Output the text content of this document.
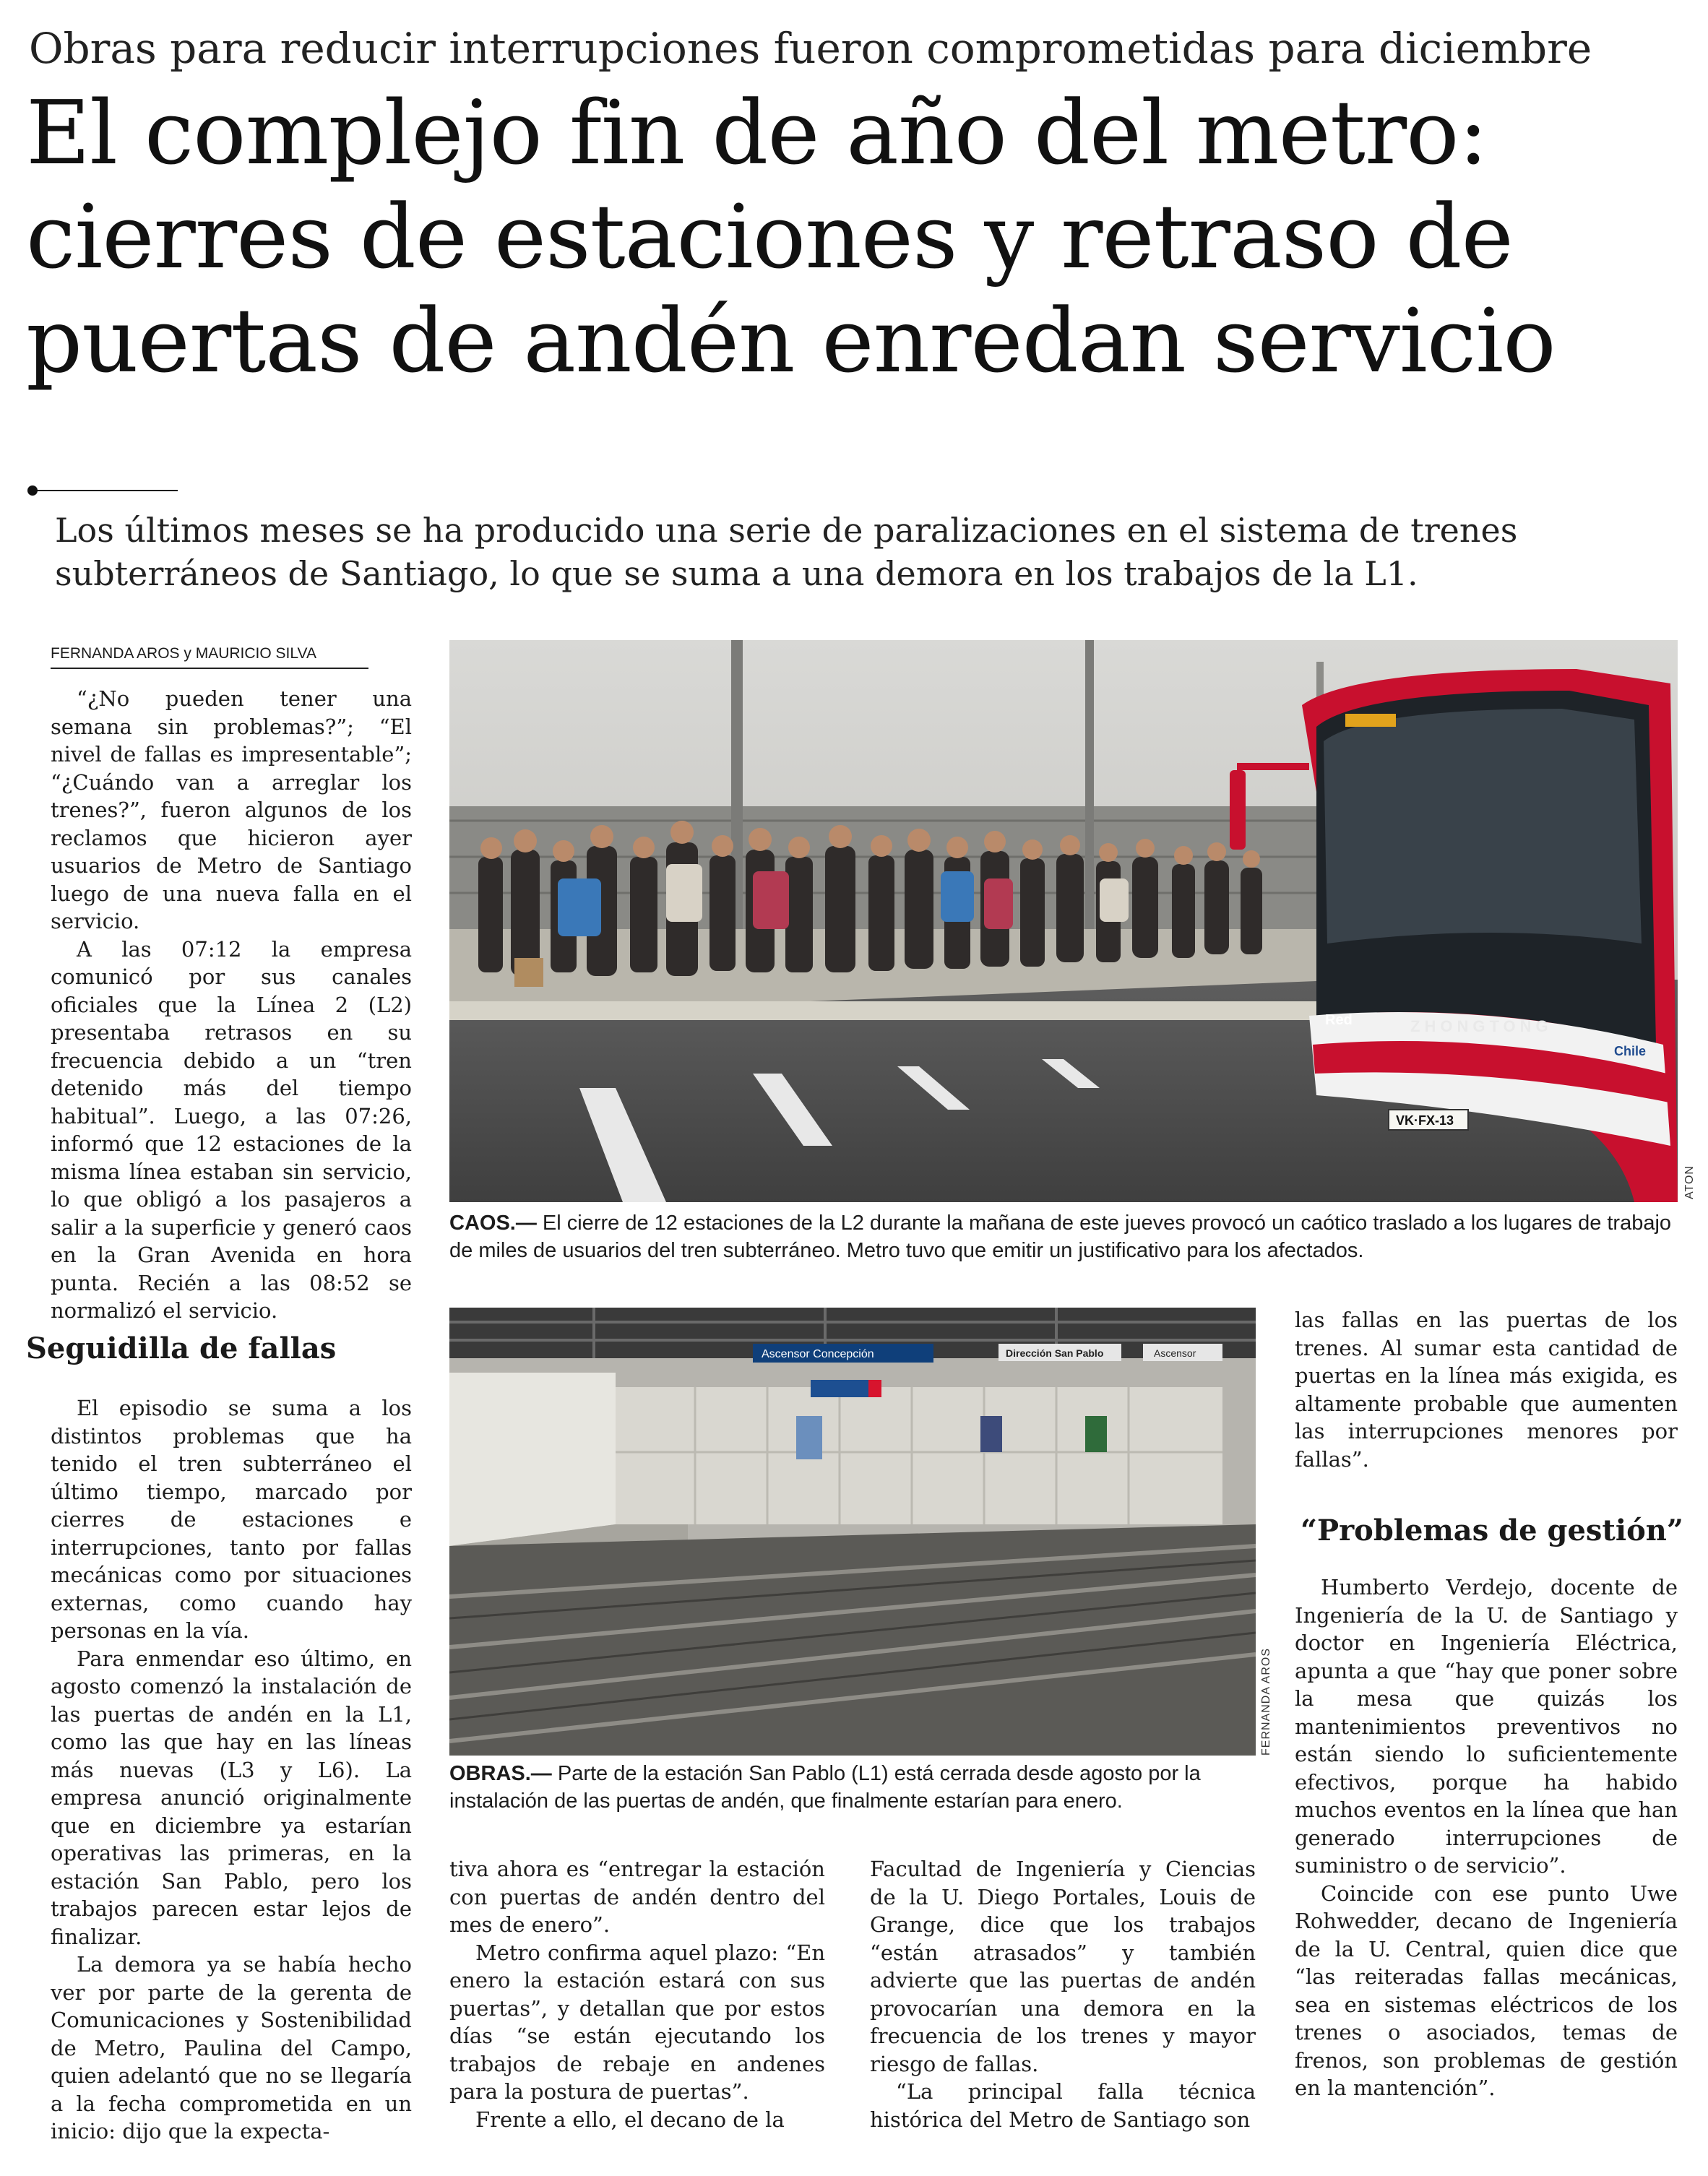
Obras para reducir interrupciones fueron comprometidas para diciembre
El complejo fin de año del metro:
cierres de estaciones y retraso de
puertas de andén enredan servicio
Los últimos meses se ha producido una serie de paralizaciones en el sistema de trenes subterráneos de Santiago, lo que se suma a una demora en los trabajos de la L1.
FERNANDA AROS y MAURICIO SILVA

“¿No pueden tener una semana sin problemas?”; “El nivel de fallas es impresentable”; “¿Cuándo van a arreglar los trenes?”, fueron algunos de los reclamos que hicieron ayer usuarios de Metro de Santiago luego de una nueva falla en el servicio.

A las 07:12 la empresa comunicó por sus canales oficiales que la Línea 2 (L2) presentaba retrasos en su frecuencia debido a un “tren detenido más del tiempo habitual”. Luego, a las 07:26, informó que 12 estaciones de la misma línea estaban sin servicio, lo que obligó a los pasajeros a salir a la superficie y generó caos en la Gran Avenida en hora punta. Recién a las 08:52 se normalizó el servicio.

Seguidilla de fallas

El episodio se suma a los distintos problemas que ha tenido el tren subterráneo el último tiempo, marcado por cierres de estaciones e interrupciones, tanto por fallas mecánicas como por situaciones externas, como cuando hay personas en la vía.

Para enmendar eso último, en agosto comenzó la instalación de las puertas de andén en la L1, como las que hay en las líneas más nuevas (L3 y L6). La empresa anunció originalmente que en diciembre ya estarían operativas las primeras, en la estación San Pablo, pero los trabajos parecen estar lejos de finalizar.

La demora ya se había hecho ver por parte de la gerenta de Comunicaciones y Sostenibilidad de Metro, Paulina del Campo, quien adelantó que no se llegaría a la fecha comprometida en un inicio: dijo que la expecta-

ZHONGTONG
Red
Chile
VK·FX-13
ATON
CAOS.— El cierre de 12 estaciones de la L2 durante la mañana de este jueves provocó un caótico traslado a los lugares de trabajo de miles de usuarios del tren subterráneo. Metro tuvo que emitir un justificativo para los afectados.
Ascensor Concepción	Dirección San Pablo	Ascensor
FERNANDA AROS
OBRAS.— Parte de la estación San Pablo (L1) está cerrada desde agosto por la instalación de las puertas de andén, que finalmente estarían para enero.

tiva ahora es “entregar la estación con puertas de andén dentro del mes de enero”.

Metro confirma aquel plazo: “En enero la estación estará con sus puertas”, y detallan que por estos días “se están ejecutando los trabajos de rebaje en andenes para la postura de puertas”.

Frente a ello, el decano de la

Facultad de Ingeniería y Ciencias de la U. Diego Portales, Louis de Grange, dice que los trabajos “están atrasados” y también advierte que las puertas de andén provocarían una demora en la frecuencia de los trenes y mayor riesgo de fallas.

“La principal falla técnica histórica del Metro de Santiago son

las fallas en las puertas de los trenes. Al sumar esta cantidad de puertas en la línea más exigida, es altamente probable que aumenten las interrupciones menores por fallas”.

“Problemas de gestión”

Humberto Verdejo, docente de Ingeniería de la U. de Santiago y doctor en Ingeniería Eléctrica, apunta a que “hay que poner sobre la mesa que quizás los mantenimientos preventivos no están siendo lo suficientemente efectivos, porque ha habido muchos eventos en la línea que han generado interrupciones de suministro o de servicio”.

Coincide con ese punto Uwe Rohwedder, decano de Ingeniería de la U. Central, quien dice que “las reiteradas fallas mecánicas, sea en sistemas eléctricos de los trenes o asociados, temas de frenos, son problemas de gestión en la mantención”.
